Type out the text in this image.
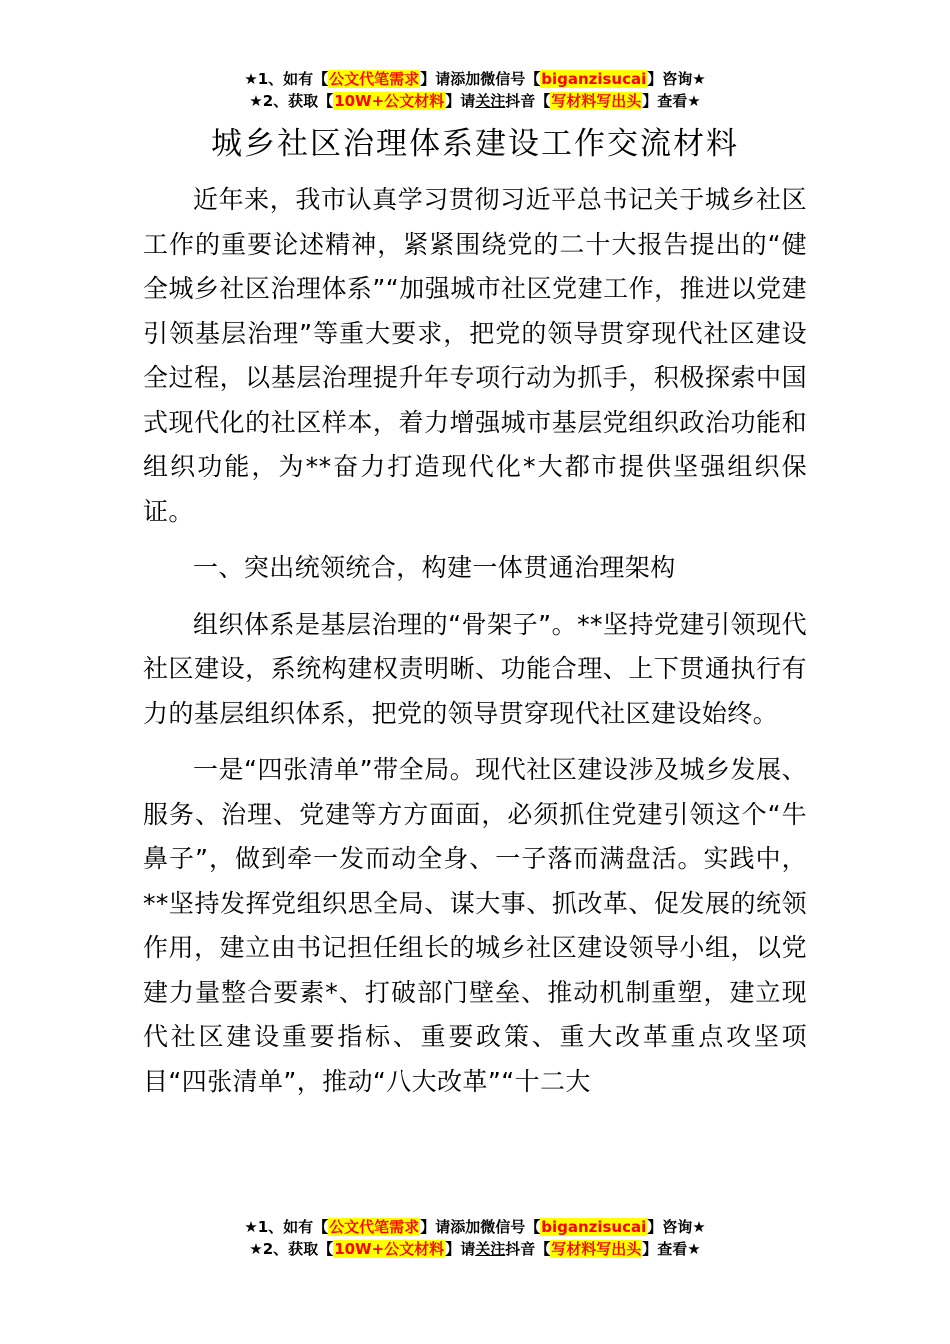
★1、如有【公文代笔需求】请添加微信号【biganzisucai】咨询★
★2、获取【10W+公文材料】请关注抖音【写材料写出头】查看★
城乡社区治理体系建设工作交流材料

近年来，我市认真学习贯彻习近平总书记关于城乡社区工作的重要论述精神，紧紧围绕党的二十大报告提出的“健全城乡社区治理体系”“加强城市社区党建工作，推进以党建引领基层治理”等重大要求，把党的领导贯穿现代社区建设全过程，以基层治理提升年专项行动为抓手，积极探索中国式现代化的社区样本，着力增强城市基层党组织政治功能和组织功能，为**奋力打造现代化*大都市提供坚强组织保证。

一、突出统领统合，构建一体贯通治理架构

组织体系是基层治理的“骨架子”。**坚持党建引领现代社区建设，系统构建权责明晰、功能合理、上下贯通执行有力的基层组织体系，把党的领导贯穿现代社区建设始终。

一是“四张清单”带全局。现代社区建设涉及城乡发展、服务、治理、党建等方方面面，必须抓住党建引领这个“牛鼻子”，做到牵一发而动全身、一子落而满盘活。实践中，**坚持发挥党组织思全局、谋大事、抓改革、促发展的统领作用，建立由书记担任组长的城乡社区建设领导小组，以党建力量整合要素*、打破部门壁垒、推动机制重塑，建立现代社区建设重要指标、重要政策、重大改革重点攻坚项目“四张清单”，推动“八大改革”“十二大

★1、如有【公文代笔需求】请添加微信号【biganzisucai】咨询★
★2、获取【10W+公文材料】请关注抖音【写材料写出头】查看★
